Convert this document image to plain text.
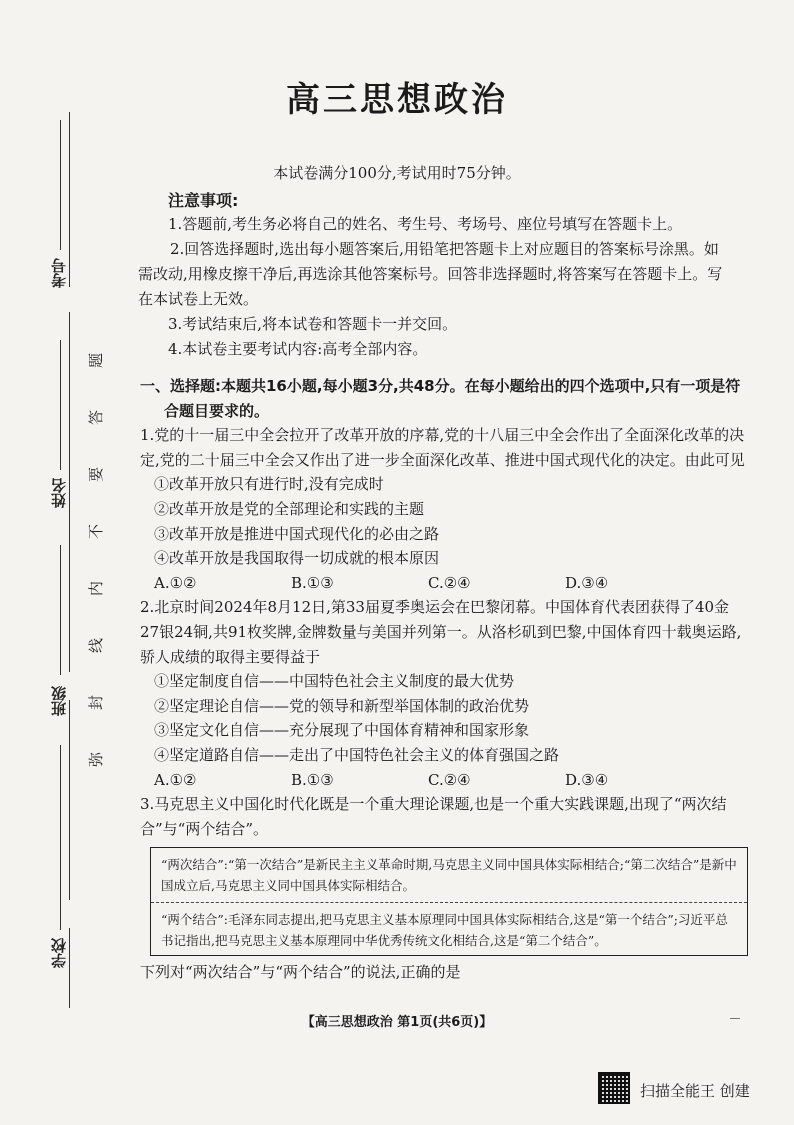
考号
姓名
班级
学校
题
答
要
不
内
线
封
弥
高三思想政治
本试卷满分100分,考试用时75分钟。
注意事项:

1.答题前,考生务必将自己的姓名、考生号、考场号、座位号填写在答题卡上。

2.回答选择题时,选出每小题答案后,用铅笔把答题卡上对应题目的答案标号涂黑。如需改动,用橡皮擦干净后,再选涂其他答案标号。回答非选择题时,将答案写在答题卡上。写在本试卷上无效。

3.考试结束后,将本试卷和答题卡一并交回。

4.本试卷主要考试内容:高考全部内容。

一、选择题:本题共16小题,每小题3分,共48分。在每小题给出的四个选项中,只有一项是符
合题目要求的。

1.党的十一届三中全会拉开了改革开放的序幕,党的十八届三中全会作出了全面深化改革的决定,党的二十届三中全会又作出了进一步全面深化改革、推进中国式现代化的决定。由此可见

①改革开放只有进行时,没有完成时

②改革开放是党的全部理论和实践的主题

③改革开放是推进中国式现代化的必由之路

④改革开放是我国取得一切成就的根本原因

A.①②	B.①③	C.②④	D.③④

2.北京时间2024年8月12日,第33届夏季奥运会在巴黎闭幕。中国体育代表团获得了40金27银24铜,共91枚奖牌,金牌数量与美国并列第一。从洛杉矶到巴黎,中国体育四十载奥运路,骄人成绩的取得主要得益于

①坚定制度自信——中国特色社会主义制度的最大优势

②坚定理论自信——党的领导和新型举国体制的政治优势

③坚定文化自信——充分展现了中国体育精神和国家形象

④坚定道路自信——走出了中国特色社会主义的体育强国之路

A.①②	B.①③	C.②④	D.③④

3.马克思主义中国化时代化既是一个重大理论课题,也是一个重大实践课题,出现了“两次结合”与“两个结合”。

“两次结合”:“第一次结合”是新民主主义革命时期,马克思主义同中国具体实际相结合;“第二次结合”是新中国成立后,马克思主义同中国具体实际相结合。

“两个结合”:毛泽东同志提出,把马克思主义基本原理同中国具体实际相结合,这是“第一个结合”;习近平总书记指出,把马克思主义基本原理同中华优秀传统文化相结合,这是“第二个结合”。

下列对“两次结合”与“两个结合”的说法,正确的是

【高三思想政治 第1页(共6页)】
扫描全能王 创建
